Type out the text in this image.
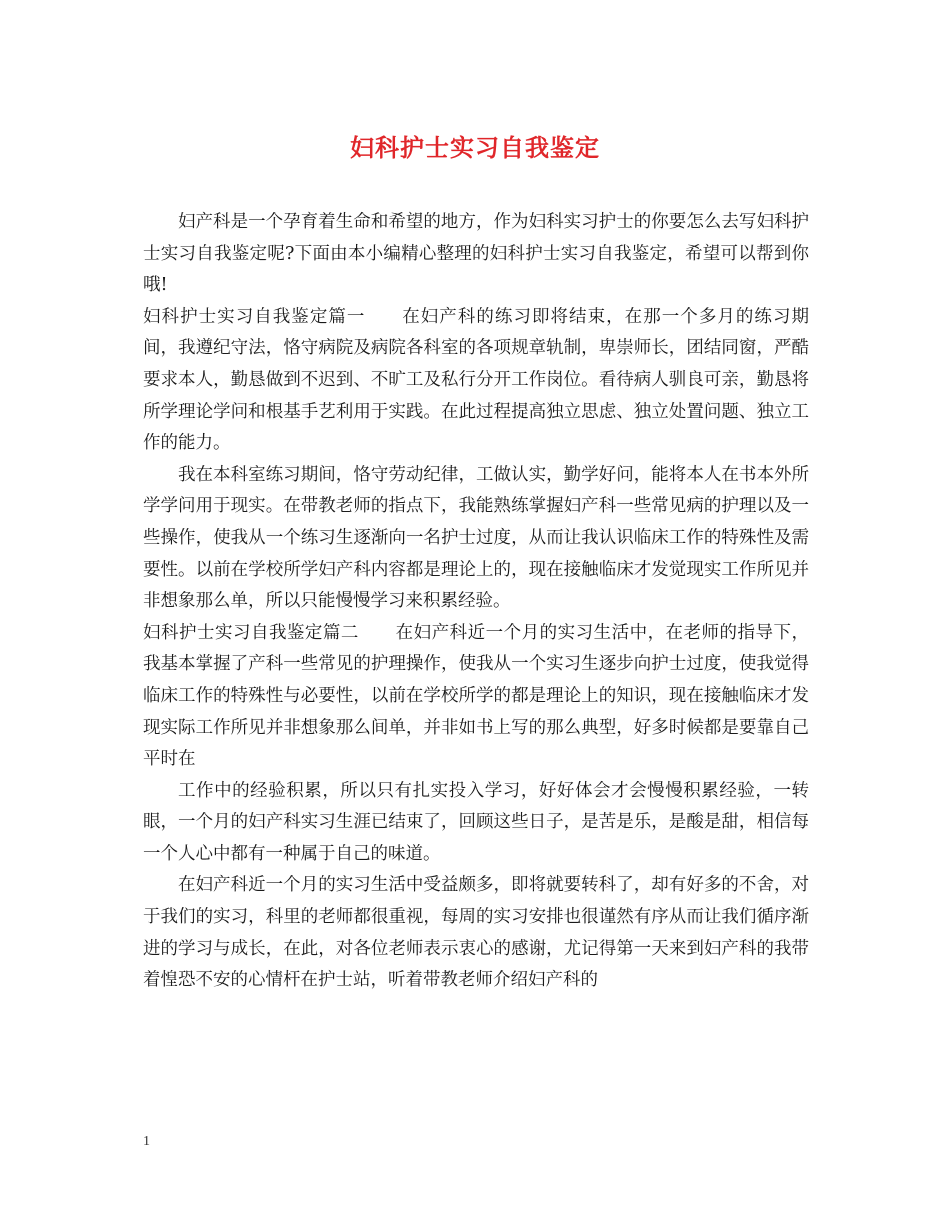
妇科护士实习自我鉴定

妇产科是一个孕育着生命和希望的地方，作为妇科实习护士的你要怎么去写妇科护士实习自我鉴定呢?下面由本小编精心整理的妇科护士实习自我鉴定，希望可以帮到你哦!

妇科护士实习自我鉴定篇一 在妇产科的练习即将结束，在那一个多月的练习期间，我遵纪守法，恪守病院及病院各科室的各项规章轨制，卑崇师长，团结同窗，严酷要求本人，勤恳做到不迟到、不旷工及私行分开工作岗位。看待病人驯良可亲，勤恳将所学理论学问和根基手艺利用于实践。在此过程提高独立思虑、独立处置问题、独立工作的能力。

我在本科室练习期间，恪守劳动纪律，工做认实，勤学好问，能将本人在书本外所学学问用于现实。在带教老师的指点下，我能熟练掌握妇产科一些常见病的护理以及一些操作，使我从一个练习生逐渐向一名护士过度，从而让我认识临床工作的特殊性及需要性。以前在学校所学妇产科内容都是理论上的，现在接触临床才发觉现实工作所见并非想象那么单，所以只能慢慢学习来积累经验。

妇科护士实习自我鉴定篇二 在妇产科近一个月的实习生活中，在老师的指导下，我基本掌握了产科一些常见的护理操作，使我从一个实习生逐步向护士过度，使我觉得临床工作的特殊性与必要性，以前在学校所学的都是理论上的知识，现在接触临床才发现实际工作所见并非想象那么间单，并非如书上写的那么典型，好多时候都是要靠自己平时在

工作中的经验积累，所以只有扎实投入学习，好好体会才会慢慢积累经验，一转眼，一个月的妇产科实习生涯已结束了，回顾这些日子，是苦是乐，是酸是甜，相信每一个人心中都有一种属于自己的味道。

在妇产科近一个月的实习生活中受益颇多，即将就要转科了，却有好多的不舍，对于我们的实习，科里的老师都很重视，每周的实习安排也很谨然有序从而让我们循序渐进的学习与成长，在此，对各位老师表示衷心的感谢，尤记得第一天来到妇产科的我带着惶恐不安的心情杆在护士站，听着带教老师介绍妇产科的

1
